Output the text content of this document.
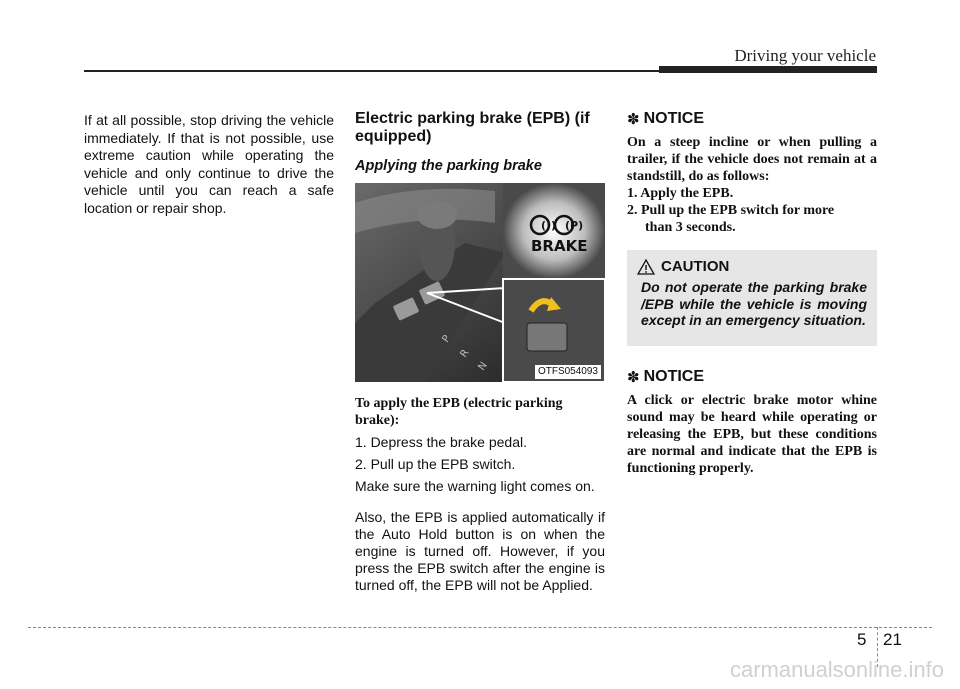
Driving your vehicle

If at all possible, stop driving the vehicle immediately. If that is not possible, use extreme caution while operating the vehicle and only continue to drive the vehicle until you can reach a safe location or repair shop.

Electric parking brake (EPB) (if equipped)
Applying the parking brake
P
R
N
(!) (P)
BRAKE
OTFS054093

To apply the EPB (electric parking brake):

1. Depress the brake pedal.

2. Pull up the EPB switch.

Make sure the warning light comes on.

Also, the EPB is applied automatically if the Auto Hold button is on when the engine is turned off. However, if you press the EPB switch after the engine is turned off, the EPB will not be Applied.

✽ NOTICE

On a steep incline or when pulling a trailer, if the vehicle does not remain at a standstill, do as follows:

1. Apply the EPB.
2. Pull up the EPB switch for more
than 3 seconds.
CAUTION
Do not operate the parking brake /EPB while the vehicle is moving except in an emergency situation.
✽ NOTICE

A click or electric brake motor whine sound may be heard while operating or releasing the EPB, but these conditions are normal and indicate that the EPB is functioning properly.

5 21
carmanualsonline.info
